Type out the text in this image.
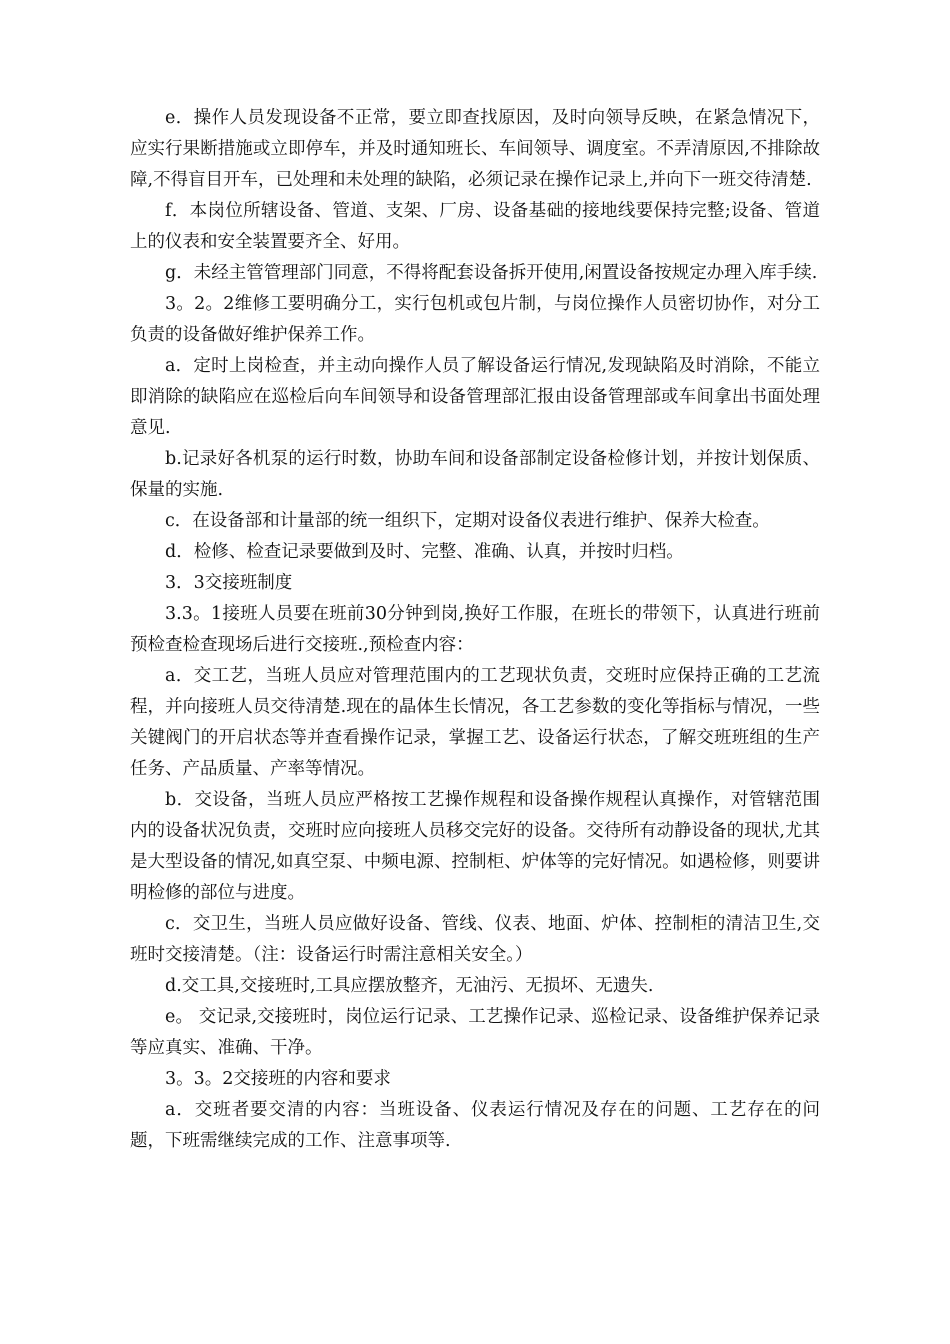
e．操作人员发现设备不正常，要立即查找原因，及时向领导反映，在紧急情况下，应实行果断措施或立即停车，并及时通知班长、车间领导、调度室。不弄清原因,不排除故障,不得盲目开车，已处理和未处理的缺陷，必须记录在操作记录上,并向下一班交待清楚.

f．本岗位所辖设备、管道、支架、厂房、设备基础的接地线要保持完整;设备、管道上的仪表和安全装置要齐全、好用。

g．未经主管管理部门同意，不得将配套设备拆开使用,闲置设备按规定办理入库手续.

3。2。2维修工要明确分工，实行包机或包片制，与岗位操作人员密切协作，对分工负责的设备做好维护保养工作。

a．定时上岗检查，并主动向操作人员了解设备运行情况,发现缺陷及时消除，不能立即消除的缺陷应在巡检后向车间领导和设备管理部汇报由设备管理部或车间拿出书面处理意见.

b.记录好各机泵的运行时数，协助车间和设备部制定设备检修计划，并按计划保质、保量的实施.

c．在设备部和计量部的统一组织下，定期对设备仪表进行维护、保养大检查。

d．检修、检查记录要做到及时、完整、准确、认真，并按时归档。

3．3交接班制度

3.3。1接班人员要在班前30分钟到岗,换好工作服，在班长的带领下，认真进行班前预检查检查现场后进行交接班.,预检查内容：

a．交工艺，当班人员应对管理范围内的工艺现状负责，交班时应保持正确的工艺流程，并向接班人员交待清楚.现在的晶体生长情况，各工艺参数的变化等指标与情况，一些关键阀门的开启状态等并查看操作记录，掌握工艺、设备运行状态，了解交班班组的生产任务、产品质量、产率等情况。

b．交设备，当班人员应严格按工艺操作规程和设备操作规程认真操作，对管辖范围内的设备状况负责，交班时应向接班人员移交完好的设备。交待所有动静设备的现状,尤其是大型设备的情况,如真空泵、中频电源、控制柜、炉体等的完好情况。如遇检修，则要讲明检修的部位与进度。

c．交卫生，当班人员应做好设备、管线、仪表、地面、炉体、控制柜的清洁卫生,交班时交接清楚。（注：设备运行时需注意相关安全。）

d.交工具,交接班时,工具应摆放整齐，无油污、无损坏、无遗失.

e。 交记录,交接班时，岗位运行记录、工艺操作记录、巡检记录、设备维护保养记录等应真实、准确、干净。

3。3。2交接班的内容和要求

a．交班者要交清的内容：当班设备、仪表运行情况及存在的问题、工艺存在的问题，下班需继续完成的工作、注意事项等.
